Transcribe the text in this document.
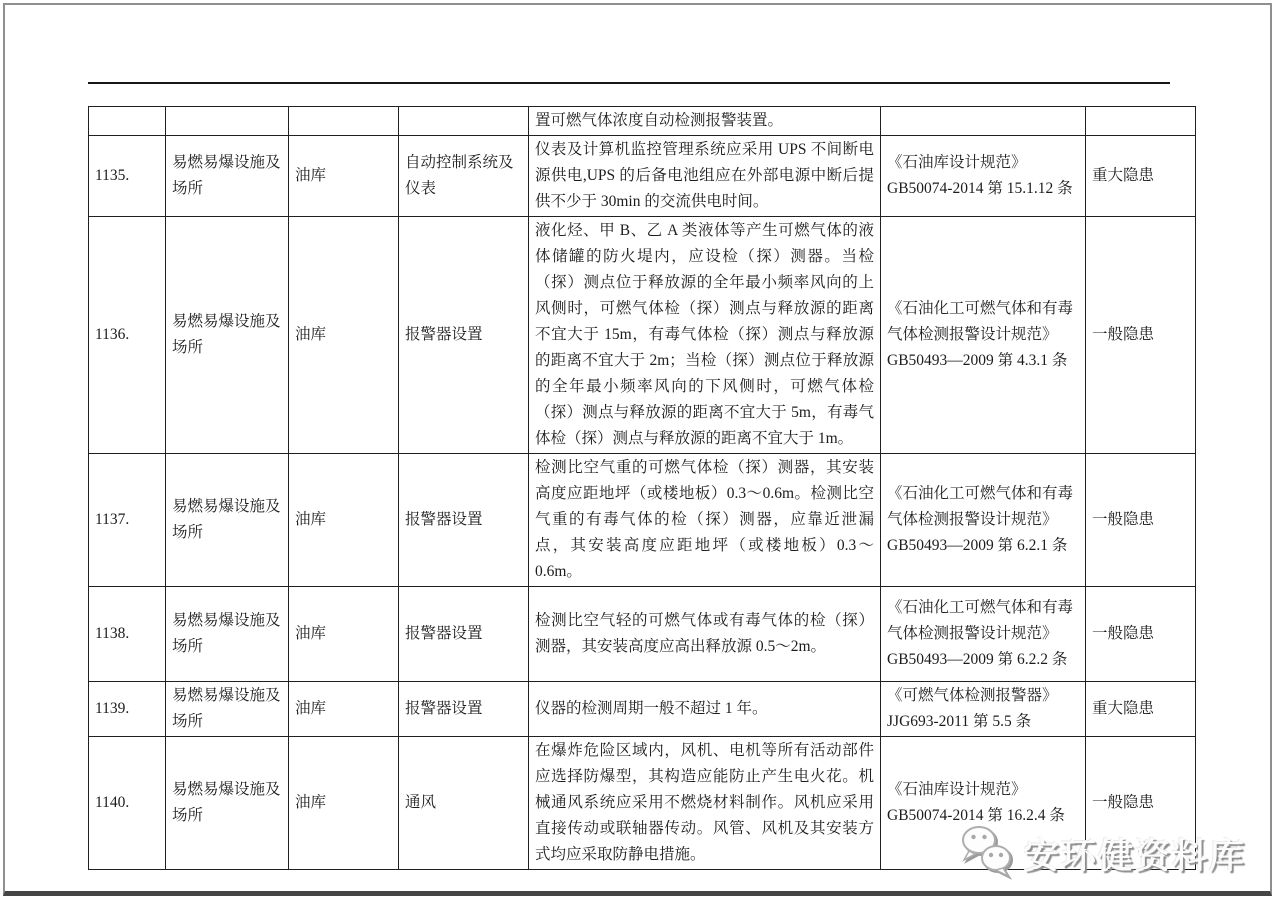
				置可燃气体浓度自动检测报警装置。		
1135.	易燃易爆设施及场所	油库	自动控制系统及仪表	仪表及计算机监控管理系统应采用 UPS 不间断电源供电,UPS 的后备电池组应在外部电源中断后提供不少于 30min 的交流供电时间。	《石油库设计规范》GB50074-2014 第 15.1.12 条	重大隐患
1136.	易燃易爆设施及场所	油库	报警器设置	液化烃、甲 B、乙 A 类液体等产生可燃气体的液体储罐的防火堤内，应设检（探）测器。当检（探）测点位于释放源的全年最小频率风向的上风侧时，可燃气体检（探）测点与释放源的距离不宜大于 15m，有毒气体检（探）测点与释放源的距离不宜大于 2m；当检（探）测点位于释放源的全年最小频率风向的下风侧时，可燃气体检（探）测点与释放源的距离不宜大于 5m，有毒气体检（探）测点与释放源的距离不宜大于 1m。	《石油化工可燃气体和有毒气体检测报警设计规范》GB50493—2009 第 4.3.1 条	一般隐患
1137.	易燃易爆设施及场所	油库	报警器设置	检测比空气重的可燃气体检（探）测器，其安装高度应距地坪（或楼地板）0.3～0.6m。检测比空气重的有毒气体的检（探）测器，应靠近泄漏点，其安装高度应距地坪（或楼地板）0.3～0.6m。	《石油化工可燃气体和有毒气体检测报警设计规范》GB50493—2009 第 6.2.1 条	一般隐患
1138.	易燃易爆设施及场所	油库	报警器设置	检测比空气轻的可燃气体或有毒气体的检（探）测器，其安装高度应高出释放源 0.5～2m。	《石油化工可燃气体和有毒气体检测报警设计规范》GB50493—2009 第 6.2.2 条	一般隐患
1139.	易燃易爆设施及场所	油库	报警器设置	仪器的检测周期一般不超过 1 年。	《可燃气体检测报警器》JJG693-2011 第 5.5 条	重大隐患
1140.	易燃易爆设施及场所	油库	通风	在爆炸危险区域内，风机、电机等所有活动部件应选择防爆型，其构造应能防止产生电火花。机械通风系统应采用不燃烧材料制作。风机应采用直接传动或联轴器传动。风管、风机及其安装方式均应采取防静电措施。	《石油库设计规范》GB50074-2014 第 16.2.4 条	一般隐患
安环健资料库
